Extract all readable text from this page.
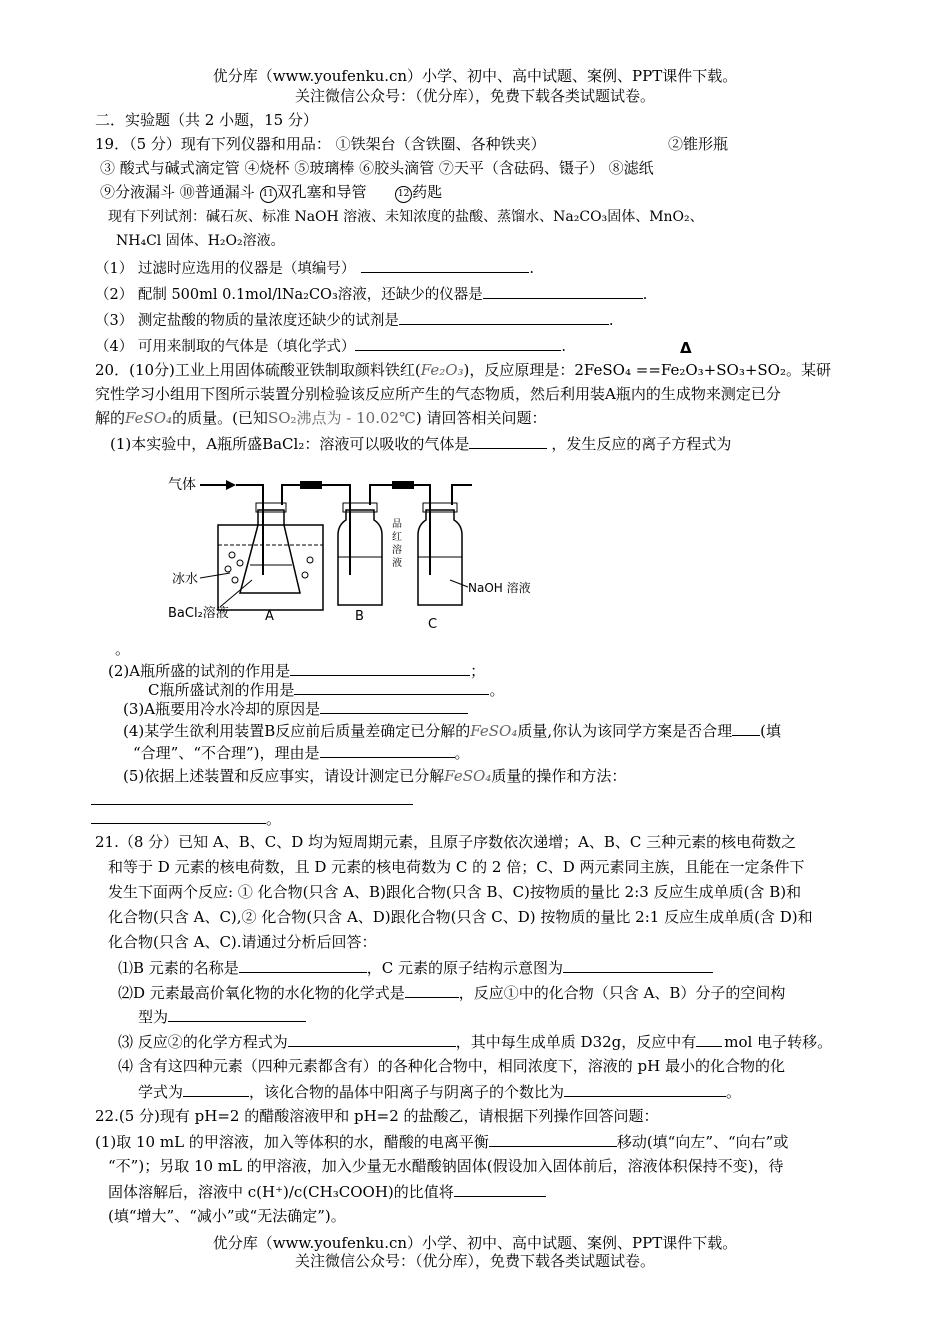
优分库（www.youfenku.cn）小学、初中、高中试题、案例、PPT课件下载。
关注微信公众号：（优分库），免费下载各类试题试卷。
二．实验题（共 2 小题，15 分）
19．（5 分）现有下列仪器和用品： ①铁架台（含铁圈、各种铁夹）	②锥形瓶
③ 酸式与碱式滴定管 ④烧杯 ⑤玻璃棒 ⑥胶头滴管 ⑦天平（含砝码、镊子） ⑧滤纸
⑨分液漏斗 ⑩普通漏斗 11 双孔塞和导管      12 药匙
现有下列试剂：碱石灰、标准 NaOH 溶液、未知浓度的盐酸、蒸馏水、Na₂CO₃固体、MnO₂、
NH₄Cl 固体、H₂O₂溶液。
（1） 过滤时应选用的仪器是（填编号）	.
（2） 配制 500ml 0.1mol/lNa₂CO₃溶液，还缺少的仪器是	.
（3） 测定盐酸的物质的量浓度还缺少的试剂是	.
（4） 可用来制取的气体是（填化学式）	.	Δ
20．(10分)工业上用固体硫酸亚铁制取颜料铁红(Fe₂O₃)，反应原理是：2FeSO₄ ==Fe₂O₃+SO₃+SO₂。某研
究性学习小组用下图所示装置分别检验该反应所产生的气态物质，然后利用装A瓶内的生成物来测定已分
解的FeSO₄的质量。(已知SO₂沸点为 - 10.02℃) 请回答相关问题：
(1)本实验中，A瓶所盛BaCl₂：溶液可以吸收的气体是	，发生反应的离子方程式为
气体
冰水
BaCl₂溶液	A	B
品
红
溶
液
NaOH 溶液
C
。
(2)A瓶所盛的试剂的作用是	；
C瓶所盛试剂的作用是	。
(3)A瓶要用冷水冷却的原因是
(4)某学生欲利用装置B反应前后质量差确定已分解的FeSO₄质量,你认为该同学方案是否合理 (填
“合理”、“不合理”)，理由是	。
(5)依据上述装置和反应事实，请设计测定已分解FeSO₄质量的操作和方法：
。
21.（8 分）已知 A、B、C、D 均为短周期元素，且原子序数依次递增；A、B、C 三种元素的核电荷数之
和等于 D 元素的核电荷数，且 D 元素的核电荷数为 C 的 2 倍；C、D 两元素同主族，且能在一定条件下
发生下面两个反应: ① 化合物(只含 A、B)跟化合物(只含 B、C)按物质的量比 2:3 反应生成单质(含 B)和
化合物(只含 A、C),② 化合物(只含 A、D)跟化合物(只含 C、D) 按物质的量比 2:1 反应生成单质(含 D)和
化合物(只含 A、C).请通过分析后回答：
⑴B 元素的名称是	，C 元素的原子结构示意图为
⑵D 元素最高价氧化物的水化物的化学式是	，反应①中的化合物（只含 A、B）分子的空间构
型为
⑶ 反应②的化学方程式为	，其中每生成单质 D32g，反应中有 mol 电子转移。
⑷ 含有这四种元素（四种元素都含有）的各种化合物中，相同浓度下，溶液的 pH 最小的化合物的化
学式为	，该化合物的晶体中阳离子与阴离子的个数比为	。
22.(5 分)现有 pH=2 的醋酸溶液甲和 pH=2 的盐酸乙，请根据下列操作回答问题：
(1)取 10 mL 的甲溶液，加入等体积的水，醋酸的电离平衡	移动(填“向左”、“向右”或
“不”)；另取 10 mL 的甲溶液，加入少量无水醋酸钠固体(假设加入固体前后，溶液体积保持不变)，待
固体溶解后，溶液中 c(H⁺)/c(CH₃COOH)的比值将
(填“增大”、“减小”或“无法确定”)。
优分库（www.youfenku.cn）小学、初中、高中试题、案例、PPT课件下载。
关注微信公众号：（优分库），免费下载各类试题试卷。
